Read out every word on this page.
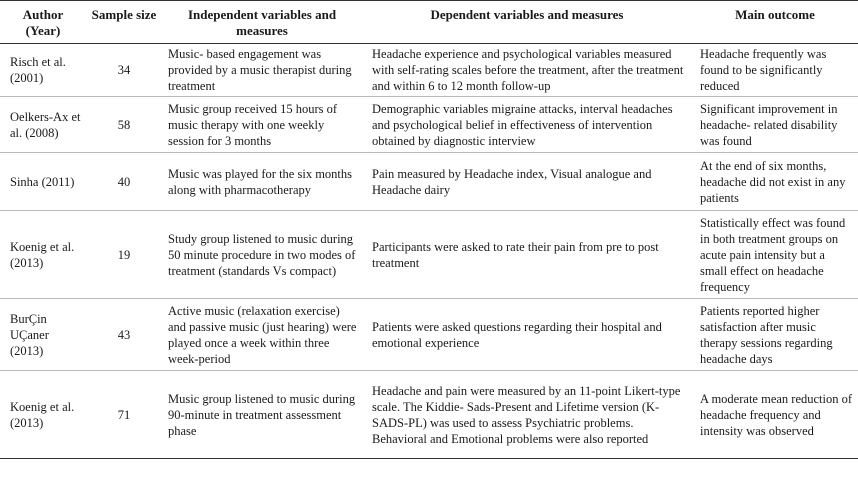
Author (Year)	Sample size	Independent variables and measures	Dependent variables and measures	Main outcome
Risch et al. (2001)	34	Music- based engagement was provided by a music therapist during treatment	Headache experience and psychological variables measured with self-rating scales before the treatment, after the treatment and within 6 to 12 month follow-up	Headache frequently was found to be significantly reduced
Oelkers-Ax et al. (2008)	58	Music group received 15 hours of music therapy with one weekly session for 3 months	Demographic variables migraine attacks, interval headaches and psychological belief in effectiveness of intervention obtained by diagnostic interview	Significant improvement in headache- related disability was found
Sinha (2011)	40	Music was played for the six months along with pharmacotherapy	Pain measured by Headache index, Visual analogue and Headache dairy	At the end of six months, headache did not exist in any patients
Koenig et al. (2013)	19	Study group listened to music during 50 minute procedure in two modes of treatment (standards Vs compact)	Participants were asked to rate their pain from pre to post treatment	Statistically effect was found in both treatment groups on acute pain intensity but a small effect on headache frequency
BurÇin UÇaner (2013)	43	Active music (relaxation exercise) and passive music (just hearing) were played once a week within three week-period	Patients were asked questions regarding their hospital and emotional experience	Patients reported higher satisfaction after music therapy sessions regarding headache days
Koenig et al. (2013)	71	Music group listened to music during 90-minute in treatment assessment phase	Headache and pain were measured by an 11-point Likert-type scale. The Kiddie- Sads-Present and Lifetime version (K-SADS-PL) was used to assess Psychiatric problems. Behavioral and Emotional problems were also reported	A moderate mean reduction of headache frequency and intensity was observed
